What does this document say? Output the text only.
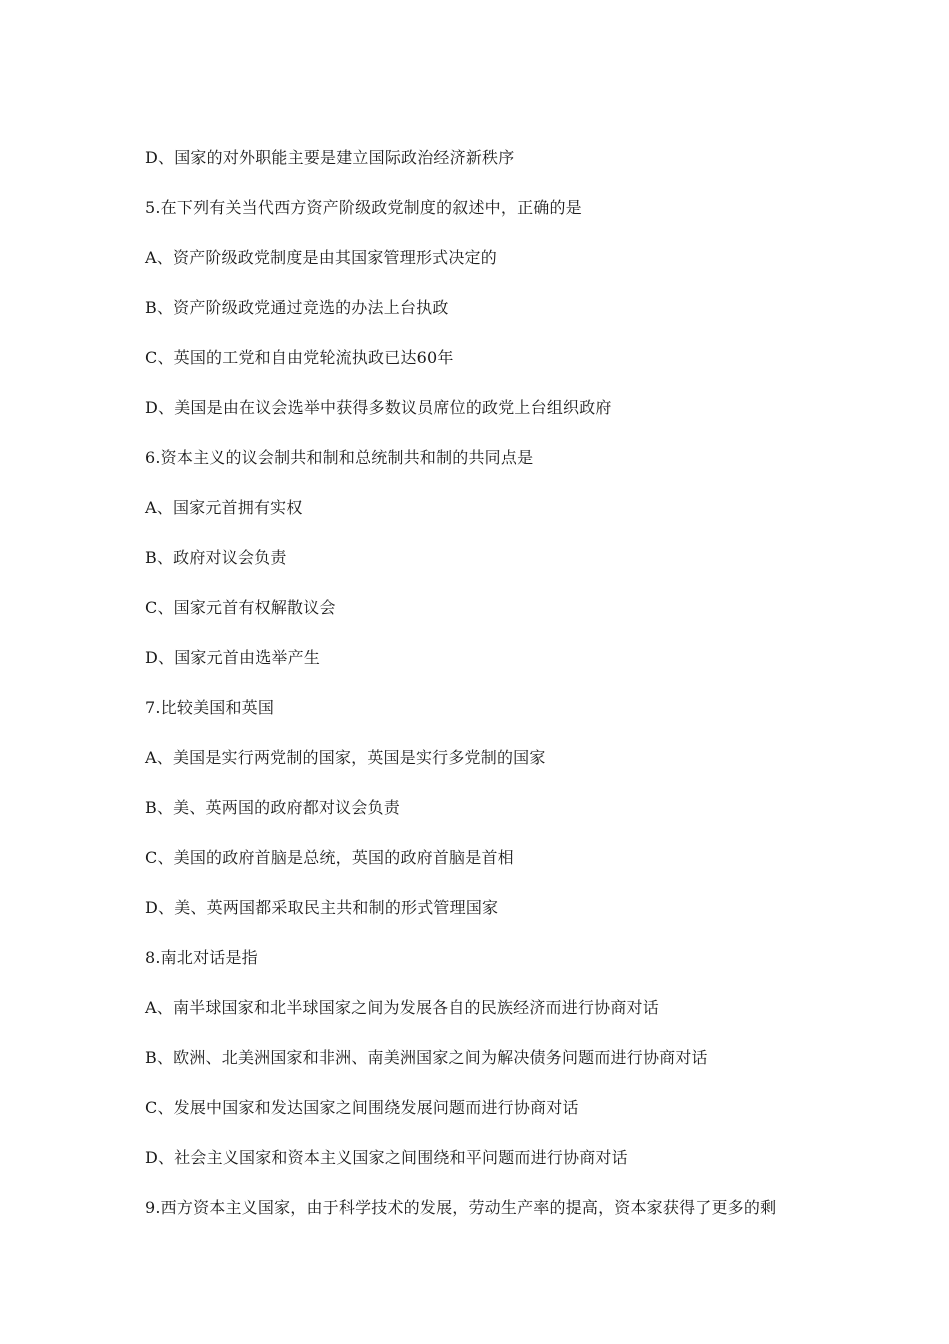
D、国家的对外职能主要是建立国际政治经济新秩序
5.在下列有关当代西方资产阶级政党制度的叙述中，正确的是
A、资产阶级政党制度是由其国家管理形式决定的
B、资产阶级政党通过竞选的办法上台执政
C、英国的工党和自由党轮流执政已达60年
D、美国是由在议会选举中获得多数议员席位的政党上台组织政府
6.资本主义的议会制共和制和总统制共和制的共同点是
A、国家元首拥有实权
B、政府对议会负责
C、国家元首有权解散议会
D、国家元首由选举产生
7.比较美国和英国
A、美国是实行两党制的国家，英国是实行多党制的国家
B、美、英两国的政府都对议会负责
C、美国的政府首脑是总统，英国的政府首脑是首相
D、美、英两国都采取民主共和制的形式管理国家
8.南北对话是指
A、南半球国家和北半球国家之间为发展各自的民族经济而进行协商对话
B、欧洲、北美洲国家和非洲、南美洲国家之间为解决债务问题而进行协商对话
C、发展中国家和发达国家之间围绕发展问题而进行协商对话
D、社会主义国家和资本主义国家之间围绕和平问题而进行协商对话
9.西方资本主义国家，由于科学技术的发展，劳动生产率的提高，资本家获得了更多的剩
